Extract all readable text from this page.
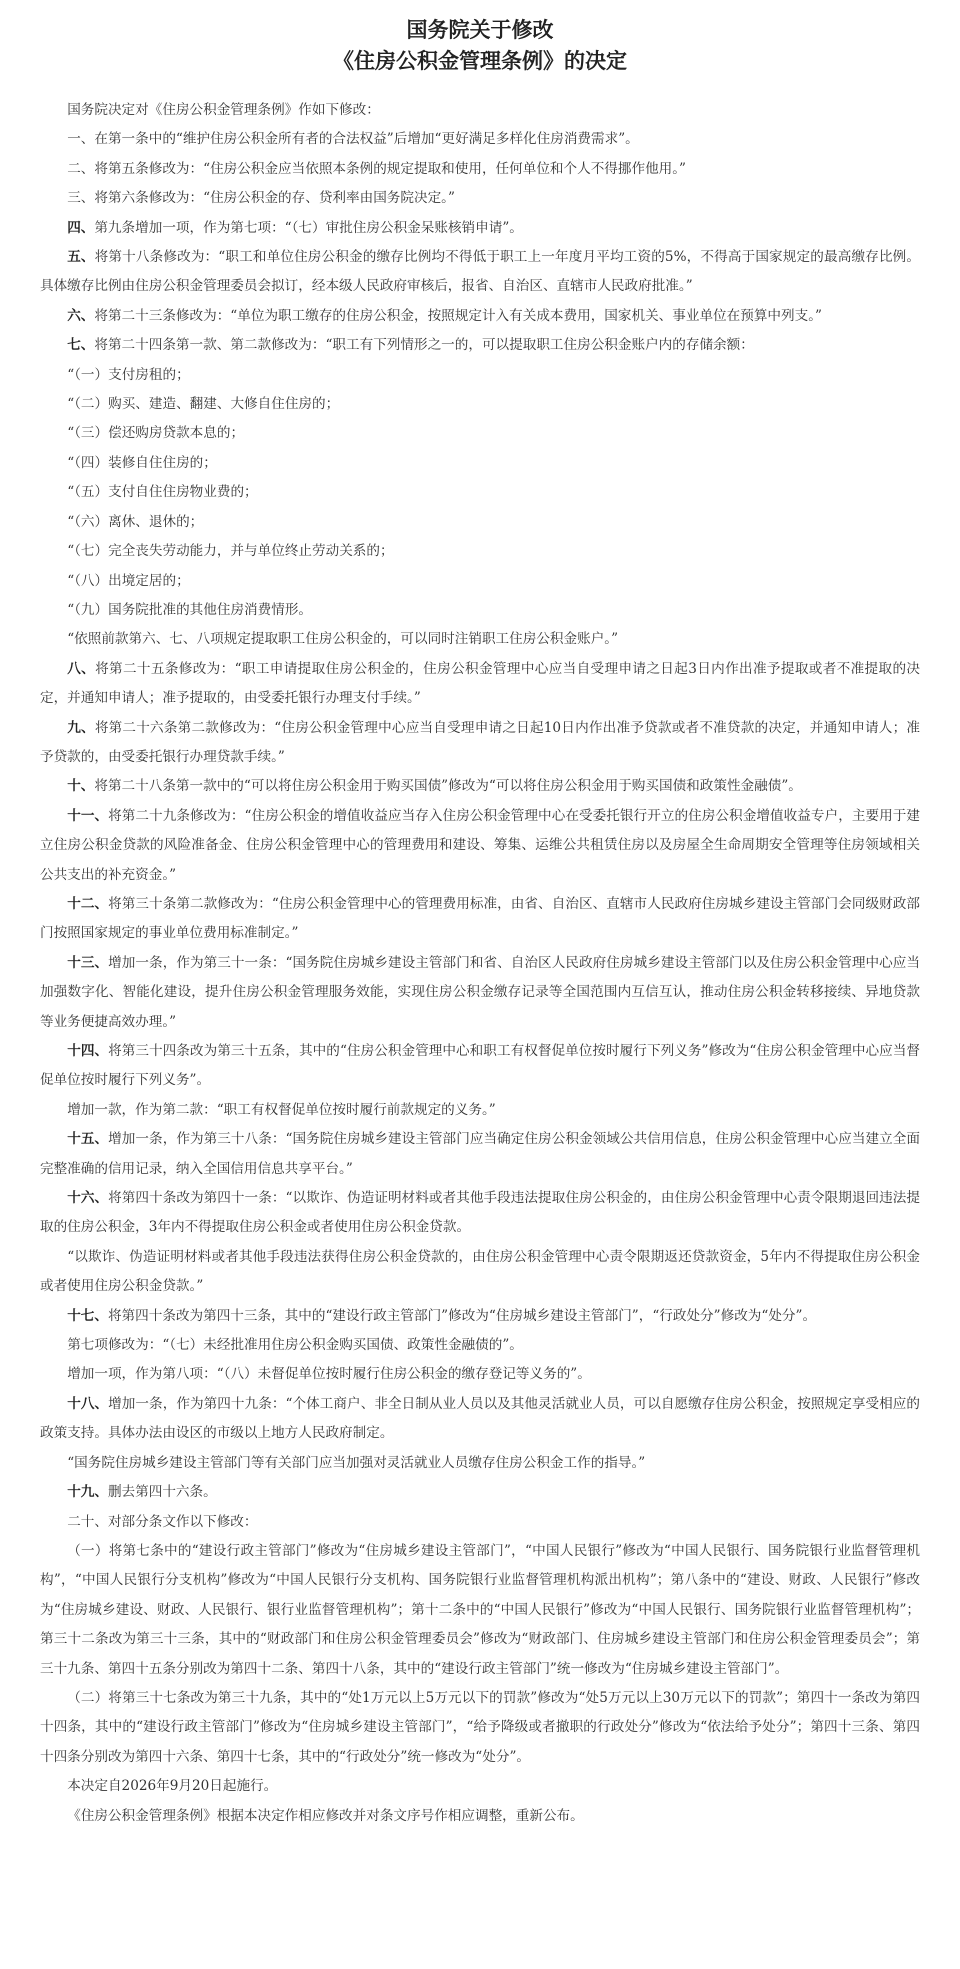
国务院关于修改
《住房公积金管理条例》的决定

国务院决定对《住房公积金管理条例》作如下修改：

一、在第一条中的“维护住房公积金所有者的合法权益”后增加“更好满足多样化住房消费需求”。

二、将第五条修改为：“住房公积金应当依照本条例的规定提取和使用，任何单位和个人不得挪作他用。”

三、将第六条修改为：“住房公积金的存、贷利率由国务院决定。”

四、第九条增加一项，作为第七项：“（七）审批住房公积金呆账核销申请”。

五、将第十八条修改为：“职工和单位住房公积金的缴存比例均不得低于职工上一年度月平均工资的5%，不得高于国家规定的最高缴存比例。具体缴存比例由住房公积金管理委员会拟订，经本级人民政府审核后，报省、自治区、直辖市人民政府批准。”

六、将第二十三条修改为：“单位为职工缴存的住房公积金，按照规定计入有关成本费用，国家机关、事业单位在预算中列支。”

七、将第二十四条第一款、第二款修改为：“职工有下列情形之一的，可以提取职工住房公积金账户内的存储余额：

“（一）支付房租的；

“（二）购买、建造、翻建、大修自住住房的；

“（三）偿还购房贷款本息的；

“（四）装修自住住房的；

“（五）支付自住住房物业费的；

“（六）离休、退休的；

“（七）完全丧失劳动能力，并与单位终止劳动关系的；

“（八）出境定居的；

“（九）国务院批准的其他住房消费情形。

“依照前款第六、七、八项规定提取职工住房公积金的，可以同时注销职工住房公积金账户。”

八、将第二十五条修改为：“职工申请提取住房公积金的，住房公积金管理中心应当自受理申请之日起3日内作出准予提取或者不准提取的决定，并通知申请人；准予提取的，由受委托银行办理支付手续。”

九、将第二十六条第二款修改为：“住房公积金管理中心应当自受理申请之日起10日内作出准予贷款或者不准贷款的决定，并通知申请人；准予贷款的，由受委托银行办理贷款手续。”

十、将第二十八条第一款中的“可以将住房公积金用于购买国债”修改为“可以将住房公积金用于购买国债和政策性金融债”。

十一、将第二十九条修改为：“住房公积金的增值收益应当存入住房公积金管理中心在受委托银行开立的住房公积金增值收益专户，主要用于建立住房公积金贷款的风险准备金、住房公积金管理中心的管理费用和建设、筹集、运维公共租赁住房以及房屋全生命周期安全管理等住房领域相关公共支出的补充资金。”

十二、将第三十条第二款修改为：“住房公积金管理中心的管理费用标准，由省、自治区、直辖市人民政府住房城乡建设主管部门会同级财政部门按照国家规定的事业单位费用标准制定。”

十三、增加一条，作为第三十一条：“国务院住房城乡建设主管部门和省、自治区人民政府住房城乡建设主管部门以及住房公积金管理中心应当加强数字化、智能化建设，提升住房公积金管理服务效能，实现住房公积金缴存记录等全国范围内互信互认，推动住房公积金转移接续、异地贷款等业务便捷高效办理。”

十四、将第三十四条改为第三十五条，其中的“住房公积金管理中心和职工有权督促单位按时履行下列义务”修改为“住房公积金管理中心应当督促单位按时履行下列义务”。

增加一款，作为第二款：“职工有权督促单位按时履行前款规定的义务。”

十五、增加一条，作为第三十八条：“国务院住房城乡建设主管部门应当确定住房公积金领域公共信用信息，住房公积金管理中心应当建立全面完整准确的信用记录，纳入全国信用信息共享平台。”

十六、将第四十条改为第四十一条：“以欺诈、伪造证明材料或者其他手段违法提取住房公积金的，由住房公积金管理中心责令限期退回违法提取的住房公积金，3年内不得提取住房公积金或者使用住房公积金贷款。

“以欺诈、伪造证明材料或者其他手段违法获得住房公积金贷款的，由住房公积金管理中心责令限期返还贷款资金，5年内不得提取住房公积金或者使用住房公积金贷款。”

十七、将第四十条改为第四十三条，其中的“建设行政主管部门”修改为“住房城乡建设主管部门”，“行政处分”修改为“处分”。

第七项修改为：“（七）未经批准用住房公积金购买国债、政策性金融债的”。

增加一项，作为第八项：“（八）未督促单位按时履行住房公积金的缴存登记等义务的”。

十八、增加一条，作为第四十九条：“个体工商户、非全日制从业人员以及其他灵活就业人员，可以自愿缴存住房公积金，按照规定享受相应的政策支持。具体办法由设区的市级以上地方人民政府制定。

“国务院住房城乡建设主管部门等有关部门应当加强对灵活就业人员缴存住房公积金工作的指导。”

十九、删去第四十六条。

二十、对部分条文作以下修改：

（一）将第七条中的“建设行政主管部门”修改为“住房城乡建设主管部门”，“中国人民银行”修改为“中国人民银行、国务院银行业监督管理机构”，“中国人民银行分支机构”修改为“中国人民银行分支机构、国务院银行业监督管理机构派出机构”；第八条中的“建设、财政、人民银行”修改为“住房城乡建设、财政、人民银行、银行业监督管理机构”；第十二条中的“中国人民银行”修改为“中国人民银行、国务院银行业监督管理机构”；第三十二条改为第三十三条，其中的“财政部门和住房公积金管理委员会”修改为“财政部门、住房城乡建设主管部门和住房公积金管理委员会”；第三十九条、第四十五条分别改为第四十二条、第四十八条，其中的“建设行政主管部门”统一修改为“住房城乡建设主管部门”。

（二）将第三十七条改为第三十九条，其中的“处1万元以上5万元以下的罚款”修改为“处5万元以上30万元以下的罚款”；第四十一条改为第四十四条，其中的“建设行政主管部门”修改为“住房城乡建设主管部门”，“给予降级或者撤职的行政处分”修改为“依法给予处分”；第四十三条、第四十四条分别改为第四十六条、第四十七条，其中的“行政处分”统一修改为“处分”。

本决定自2026年9月20日起施行。

《住房公积金管理条例》根据本决定作相应修改并对条文序号作相应调整，重新公布。
